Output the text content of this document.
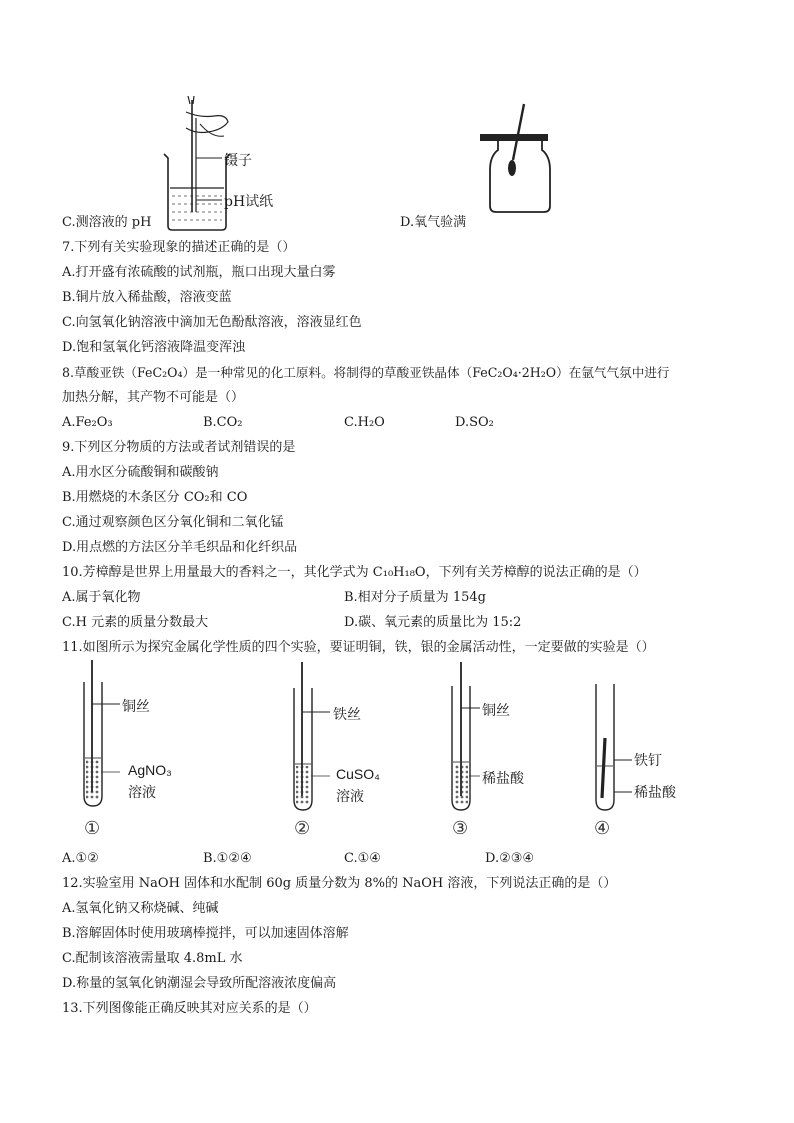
镊子
pH试纸
C.测溶液的 pH	D.氧气验满
7.下列有关实验现象的描述正确的是（）
A.打开盛有浓硫酸的试剂瓶，瓶口出现大量白雾
B.铜片放入稀盐酸，溶液变蓝
C.向氢氧化钠溶液中滴加无色酚酞溶液，溶液显红色
D.饱和氢氧化钙溶液降温变浑浊
8.草酸亚铁（FeC₂O₄）是一种常见的化工原料。将制得的草酸亚铁晶体（FeC₂O₄·2H₂O）在氩气气氛中进行
加热分解，其产物不可能是（）
A.Fe₂O₃	B.CO₂	C.H₂O	D.SO₂
9.下列区分物质的方法或者试剂错误的是
A.用水区分硫酸铜和碳酸钠
B.用燃烧的木条区分 CO₂和 CO
C.通过观察颜色区分氧化铜和二氧化锰
D.用点燃的方法区分羊毛织品和化纤织品
10.芳樟醇是世界上用量最大的香料之一，其化学式为 C₁₀H₁₈O，下列有关芳樟醇的说法正确的是（）
A.属于氧化物	B.相对分子质量为 154g
C.H 元素的质量分数最大	D.碳、氧元素的质量比为 15:2
11.如图所示为探究金属化学性质的四个实验，要证明铜，铁，银的金属活动性，一定要做的实验是（）
铜丝
AgNO₃
溶液
①
铁丝
CuSO₄
溶液
②
铜丝
稀盐酸
③
铁钉
稀盐酸
④
A.①②	B.①②④	C.①④	D.②③④
12.实验室用 NaOH 固体和水配制 60g 质量分数为 8%的 NaOH 溶液，下列说法正确的是（）
A.氢氧化钠又称烧碱、纯碱
B.溶解固体时使用玻璃棒搅拌，可以加速固体溶解
C.配制该溶液需量取 4.8mL 水
D.称量的氢氧化钠潮湿会导致所配溶液浓度偏高
13.下列图像能正确反映其对应关系的是（）
